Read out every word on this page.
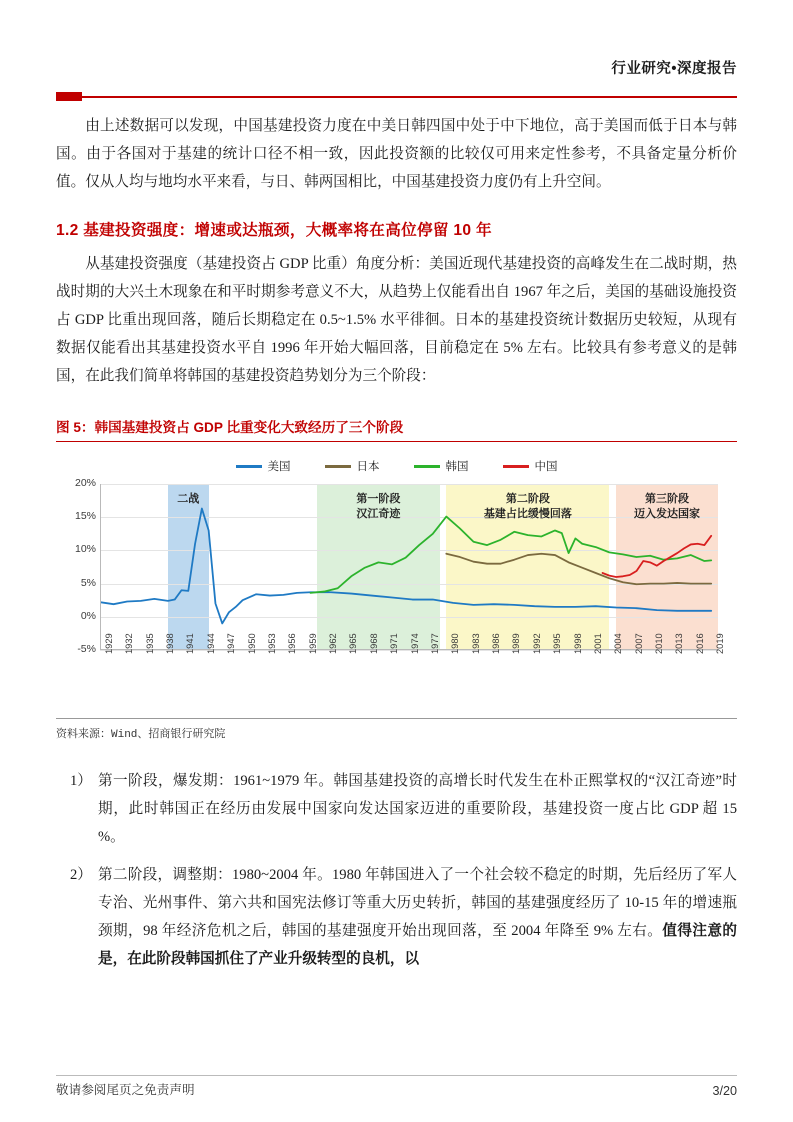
行业研究•深度报告

由上述数据可以发现，中国基建投资力度在中美日韩四国中处于中下地位，高于美国而低于日本与韩国。由于各国对于基建的统计口径不相一致，因此投资额的比较仅可用来定性参考，不具备定量分析价值。仅从人均与地均水平来看，与日、韩两国相比，中国基建投资力度仍有上升空间。

1.2 基建投资强度：增速或达瓶颈，大概率将在高位停留 10 年

从基建投资强度（基建投资占 GDP 比重）角度分析：美国近现代基建投资的高峰发生在二战时期，热战时期的大兴土木现象在和平时期参考意义不大，从趋势上仅能看出自 1967 年之后，美国的基础设施投资占 GDP 比重出现回落，随后长期稳定在 0.5~1.5% 水平徘徊。日本的基建投资统计数据历史较短，从现有数据仅能看出其基建投资水平自 1996 年开始大幅回落，目前稳定在 5% 左右。比较具有参考意义的是韩国，在此我们简单将韩国的基建投资趋势划分为三个阶段：

图 5：韩国基建投资占 GDP 比重变化大致经历了三个阶段
美国	日本	韩国	中国
-5%
0%
5%
10%
15%
20%
1929 1932 1935 1938 1941 1944 1947 1950 1953 1956 1959 1962 1965 1968 1971 1974 1977 1980 1983 1986 1989 1992 1995 1998 2001 2004 2007 2010 2013 2016 2019
二战	第一阶段
汉江奇迹
第二阶段
基建占比缓慢回落
第三阶段
迈入发达国家
资料来源：Wind、招商银行研究院
1） 第一阶段，爆发期：1961~1979 年。韩国基建投资的高增长时代发生在朴正熙掌权的“汉江奇迹”时期，此时韩国正在经历由发展中国家向发达国家迈进的重要阶段，基建投资一度占比 GDP 超 15 %。
2） 第二阶段，调整期：1980~2004 年。1980 年韩国进入了一个社会较不稳定的时期，先后经历了军人专治、光州事件、第六共和国宪法修订等重大历史转折，韩国的基建强度经历了 10-15 年的增速瓶颈期，98 年经济危机之后，韩国的基建强度开始出现回落，至 2004 年降至 9% 左右。值得注意的是，在此阶段韩国抓住了产业升级转型的良机，以
敬请参阅尾页之免责声明	3/20
